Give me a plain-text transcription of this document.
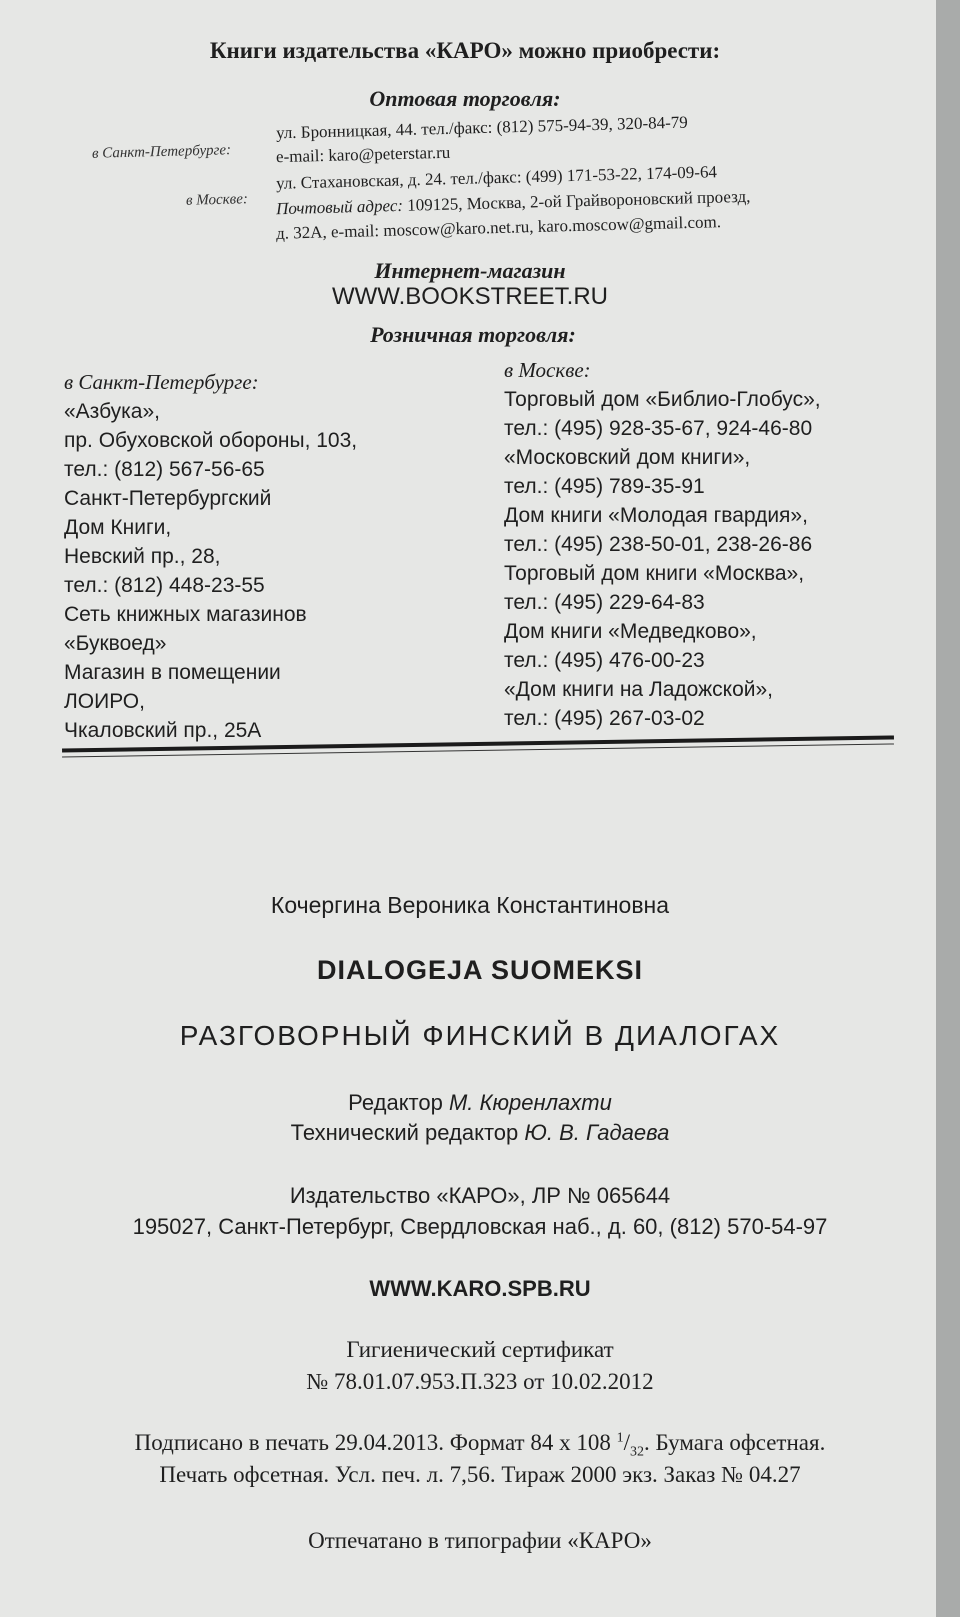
Книги издательства «КАРО» можно приобрести:
Оптовая торговля:
в Санкт-Петербурге:
ул. Бронницкая, 44. тел./факс: (812) 575-94-39, 320-84-79
e-mail: karo@peterstar.ru
в Москве:
ул. Стахановская, д. 24. тел./факс: (499) 171-53-22, 174-09-64
Почтовый адрес: 109125, Москва, 2-ой Грайвороновский проезд,
д. 32А, e-mail: moscow@karo.net.ru, karo.moscow@gmail.com.
Интернет-магазин
WWW.BOOKSTREET.RU
Розничная торговля:
в Санкт-Петербурге:
«Азбука»,
пр. Обуховской обороны, 103,
тел.: (812) 567-56-65
Санкт-Петербургский
Дом Книги,
Невский пр., 28,
тел.: (812) 448-23-55
Сеть книжных магазинов
«Буквоед»
Магазин в помещении
ЛОИРО,
Чкаловский пр., 25А
в Москве:
Торговый дом «Библио-Глобус»,
тел.: (495) 928-35-67, 924-46-80
«Московский дом книги»,
тел.: (495) 789-35-91
Дом книги «Молодая гвардия»,
тел.: (495) 238-50-01, 238-26-86
Торговый дом книги «Москва»,
тел.: (495) 229-64-83
Дом книги «Медведково»,
тел.: (495) 476-00-23
«Дом книги на Ладожской»,
тел.: (495) 267-03-02
Кочергина Вероника Константиновна
DIALOGEJA SUOMEKSI
РАЗГОВОРНЫЙ ФИНСКИЙ В ДИАЛОГАХ
Редактор М. Кюренлахти
Технический редактор Ю. В. Гадаева
Издательство «КАРО», ЛР № 065644
195027, Санкт-Петербург, Свердловская наб., д. 60, (812) 570-54-97
WWW.KARO.SPB.RU
Гигиенический сертификат
№ 78.01.07.953.П.323 от 10.02.2012
Подписано в печать 29.04.2013. Формат 84 х 108 $^1/_{32}$. Бумага офсетная.
Печать офсетная. Усл. печ. л. 7,56. Тираж 2000 экз. Заказ № 04.27
Отпечатано в типографии «КАРО»
